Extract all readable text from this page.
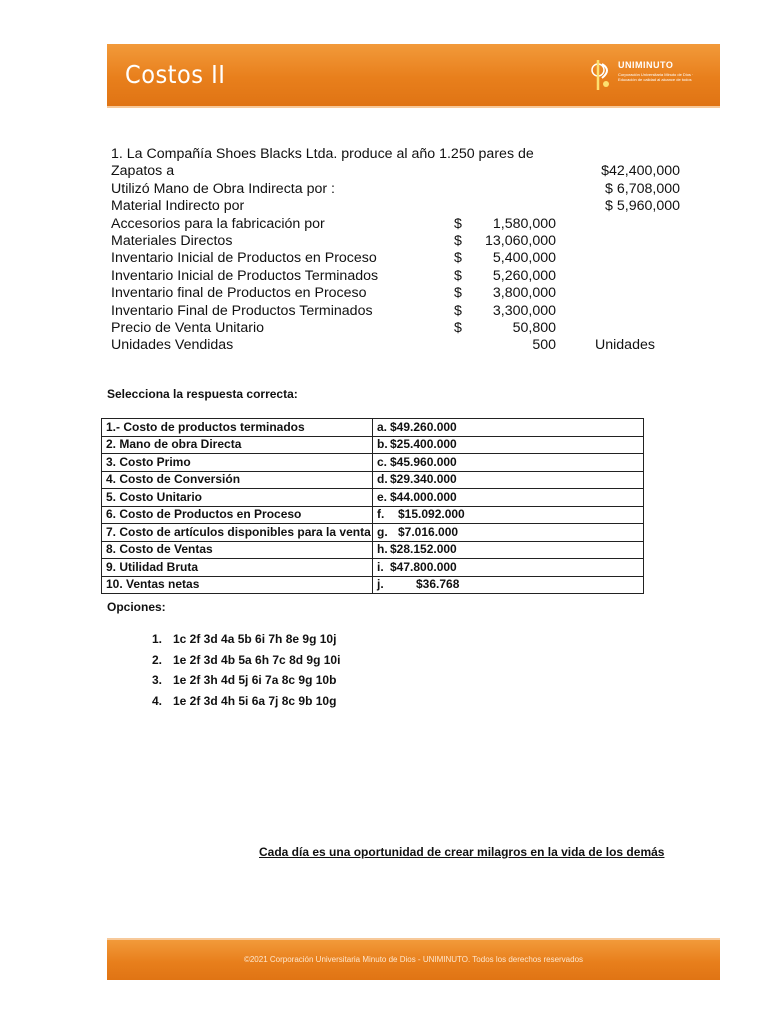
Costos II	UNIMINUTO
Corporación Universitaria Minuto de Dios · Educación de calidad al alcance de todos
1. La Compañía Shoes Blacks Ltda. produce al año 1.250 pares de
Zapatos a	$42,400,000
Utilizó Mano de Obra Indirecta por :	$ 6,708,000
Material Indirecto por	$ 5,960,000
Accesorios para la fabricación por	$	1,580,000
Materiales Directos	$	13,060,000
Inventario Inicial de Productos en Proceso	$	5,400,000
Inventario Inicial de Productos Terminados	$	5,260,000
Inventario final de Productos en Proceso	$	3,800,000
Inventario Final de Productos Terminados	$	3,300,000
Precio de Venta Unitario	$	50,800
Unidades Vendidas	500	Unidades
Selecciona la respuesta correcta:
1.- Costo de productos terminados	a. $49.260.000
2. Mano de obra Directa	b. $25.400.000
3. Costo Primo	c. $45.960.000
4. Costo de Conversión	d. $29.340.000
5. Costo Unitario	e. $44.000.000
6. Costo de Productos en Proceso	f. $15.092.000
7. Costo de artículos disponibles para la venta	g. $7.016.000
8. Costo de Ventas	h. $28.152.000
9. Utilidad Bruta	i. $47.800.000
10. Ventas netas	j. $36.768
Opciones:
1. 1c 2f 3d 4a 5b 6i 7h 8e 9g 10j
2. 1e 2f 3d 4b 5a 6h 7c 8d 9g 10i
3. 1e 2f 3h 4d 5j 6i 7a 8c 9g 10b
4. 1e 2f 3d 4h 5i 6a 7j 8c 9b 10g
Cada día es una oportunidad de crear milagros en la vida de los demás
©2021 Corporación Universitaria Minuto de Dios - UNIMINUTO. Todos los derechos reservados
